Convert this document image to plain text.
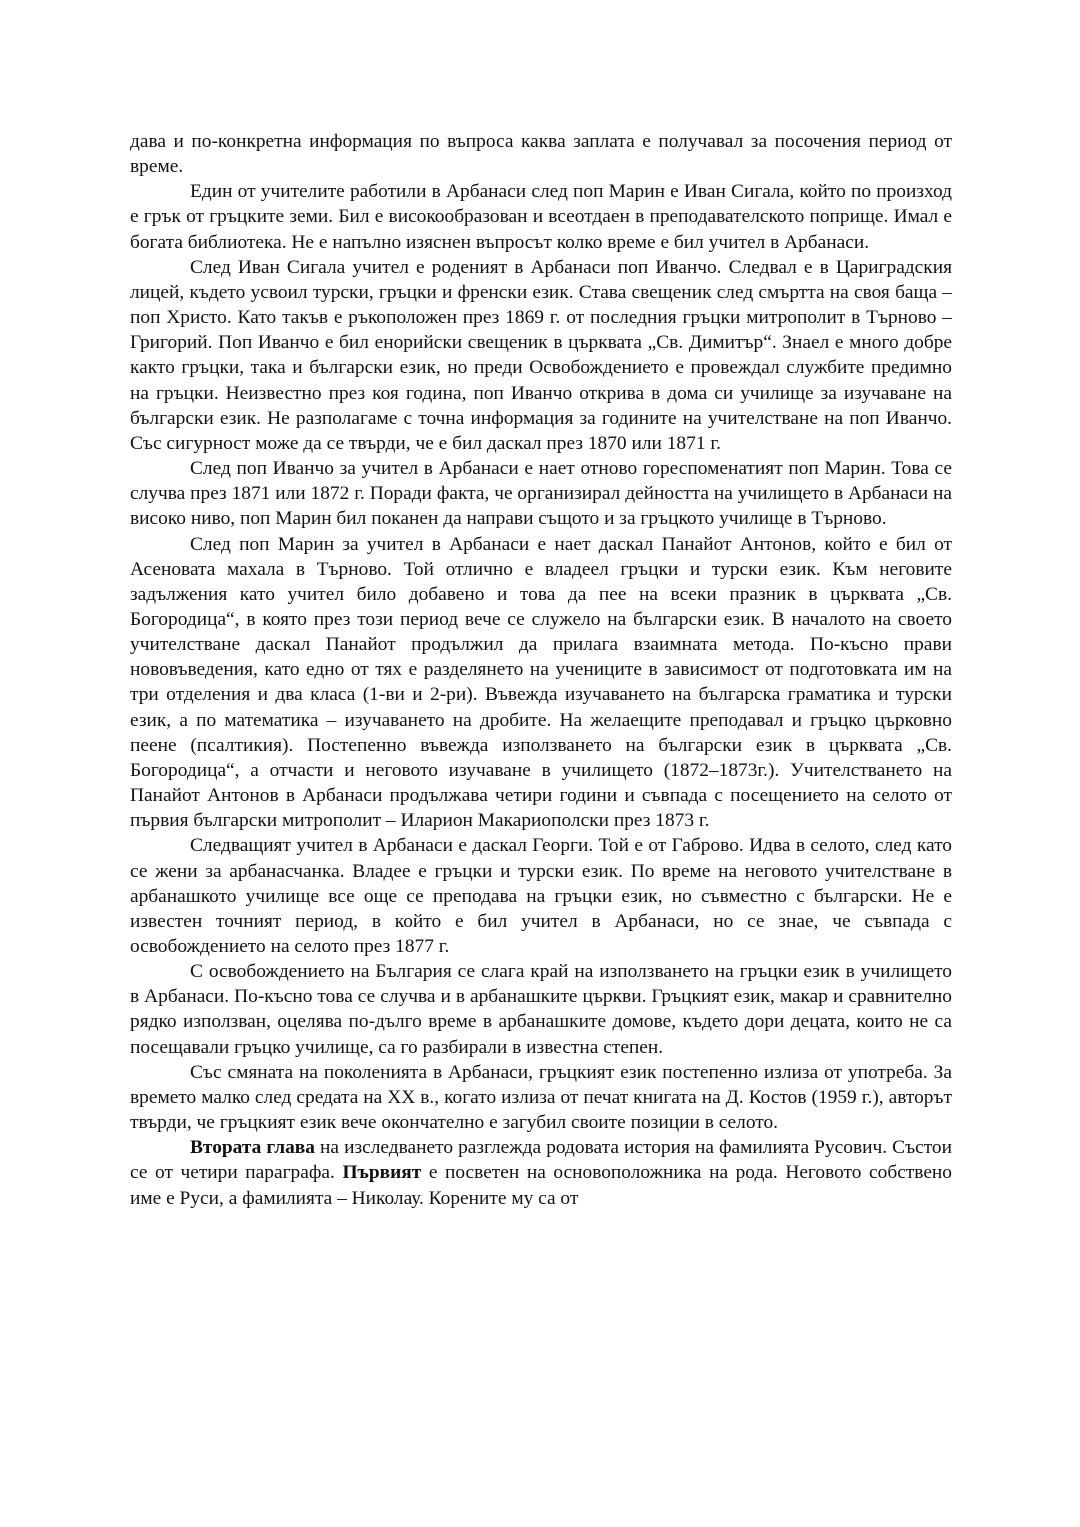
дава и по-конкретна информация по въпроса каква заплата е получавал за посочения период от време.

Един от учителите работили в Арбанаси след поп Марин е Иван Сигала, който по произход е грък от гръцките земи. Бил е високообразован и всеотдаен в преподавателското поприще. Имал е богата библиотека. Не е напълно изяснен въпросът колко време е бил учител в Арбанаси.

След Иван Сигала учител е роденият в Арбанаси поп Иванчо. Следвал е в Цариградския лицей, където усвоил турски, гръцки и френски език. Става свещеник след смъртта на своя баща – поп Христо. Като такъв е ръкоположен през 1869 г. от последния гръцки митрополит в Търново – Григорий. Поп Иванчо е бил енорийски свещеник в църквата „Св. Димитър“. Знаел е много добре както гръцки, така и български език, но преди Освобождението е провеждал службите предимно на гръцки. Неизвестно през коя година, поп Иванчо открива в дома си училище за изучаване на български език. Не разполагаме с точна информация за годините на учителстване на поп Иванчо. Със сигурност може да се твърди, че е бил даскал през 1870 или 1871 г.

След поп Иванчо за учител в Арбанаси е нает отново гореспоменатият поп Марин. Това се случва през 1871 или 1872 г. Поради факта, че организирал дейността на училището в Арбанаси на високо ниво, поп Марин бил поканен да направи същото и за гръцкото училище в Търново.

След поп Марин за учител в Арбанаси е нает даскал Панайот Антонов, който е бил от Асеновата махала в Търново. Той отлично е владеел гръцки и турски език. Към неговите задължения като учител било добавено и това да пее на всеки празник в църквата „Св. Богородица“, в която през този период вече се служело на български език. В началото на своето учителстване даскал Панайот продължил да прилага взаимната метода. По-късно прави нововъведения, като едно от тях е разделянето на учениците в зависимост от подготовката им на три отделения и два класа (1-ви и 2-ри). Въвежда изучаването на българска граматика и турски език, а по математика – изучаването на дробите. На желаещите преподавал и гръцко църковно пеене (псалтикия). Постепенно въвежда използването на български език в църквата „Св. Богородица“, а отчасти и неговото изучаване в училището (1872–1873г.). Учителстването на Панайот Антонов в Арбанаси продължава четири години и съвпада с посещението на селото от първия български митрополит – Иларион Макариополски през 1873 г.

Следващият учител в Арбанаси е даскал Георги. Той е от Габрово. Идва в селото, след като се жени за арбанасчанка. Владее е гръцки и турски език. По време на неговото учителстване в арбанашкото училище все още се преподава на гръцки език, но съвместно с български. Не е известен точният период, в който е бил учител в Арбанаси, но се знае, че съвпада с освобождението на селото през 1877 г.

С освобождението на България се слага край на използването на гръцки език в училището в Арбанаси. По-късно това се случва и в арбанашките църкви. Гръцкият език, макар и сравнително рядко използван, оцелява по-дълго време в арбанашките домове, където дори децата, които не са посещавали гръцко училище, са го разбирали в известна степен.

Със смяната на поколенията в Арбанаси, гръцкият език постепенно излиза от употреба. За времето малко след средата на XX в., когато излиза от печат книгата на Д. Костов (1959 г.), авторът твърди, че гръцкият език вече окончателно е загубил своите позиции в селото.

Втората глава на изследването разглежда родовата история на фамилията Русович. Състои се от четири параграфа. Първият е посветен на основоположника на рода. Неговото собствено име е Руси, а фамилията – Николау. Корените му са от
